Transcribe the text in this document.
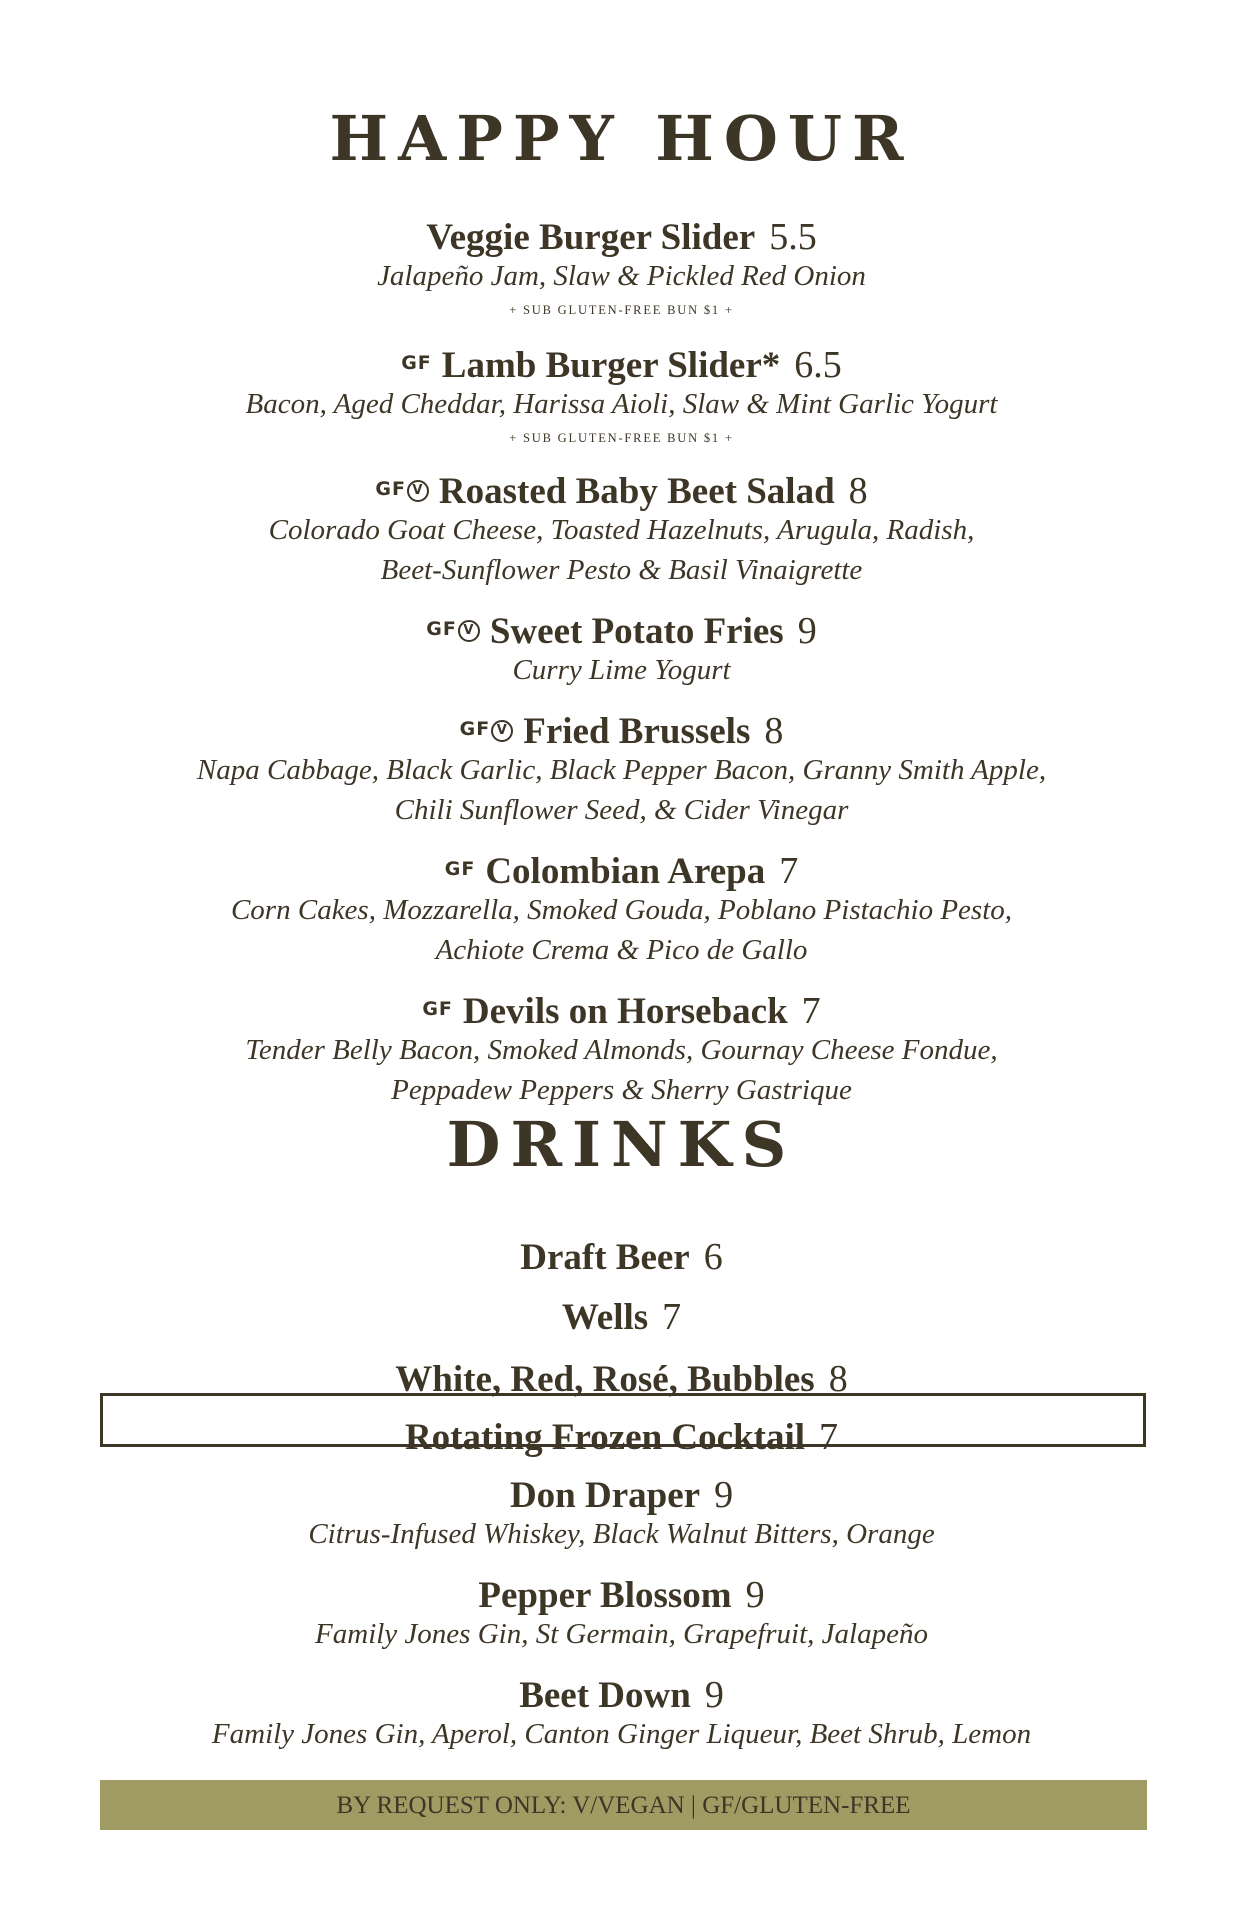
HAPPY HOUR
Veggie Burger Slider 5.5
Jalapeño Jam, Slaw & Pickled Red Onion
+ SUB GLUTEN-FREE BUN $1 +
$^{GF}$ Lamb Burger Slider* 6.5
Bacon, Aged Cheddar, Harissa Aioli, Slaw & Mint Garlic Yogurt
+ SUB GLUTEN-FREE BUN $1 +
$^{GF V}$ Roasted Baby Beet Salad 8
Colorado Goat Cheese, Toasted Hazelnuts, Arugula, Radish,
Beet-Sunflower Pesto & Basil Vinaigrette
$^{GF V}$ Sweet Potato Fries 9
Curry Lime Yogurt
$^{GF V}$ Fried Brussels 8
Napa Cabbage, Black Garlic, Black Pepper Bacon, Granny Smith Apple,
Chili Sunflower Seed, & Cider Vinegar
$^{GF}$ Colombian Arepa 7
Corn Cakes, Mozzarella, Smoked Gouda, Poblano Pistachio Pesto,
Achiote Crema & Pico de Gallo
$^{GF}$ Devils on Horseback 7
Tender Belly Bacon, Smoked Almonds, Gournay Cheese Fondue,
Peppadew Peppers & Sherry Gastrique
DRINKS
Draft Beer 6
Wells 7
White, Red, Rosé, Bubbles 8
Rotating Frozen Cocktail 7
Don Draper 9
Citrus-Infused Whiskey, Black Walnut Bitters, Orange
Pepper Blossom 9
Family Jones Gin, St Germain, Grapefruit, Jalapeño
Beet Down 9
Family Jones Gin, Aperol, Canton Ginger Liqueur, Beet Shrub, Lemon
BY REQUEST ONLY: V/VEGAN | GF/GLUTEN-FREE
